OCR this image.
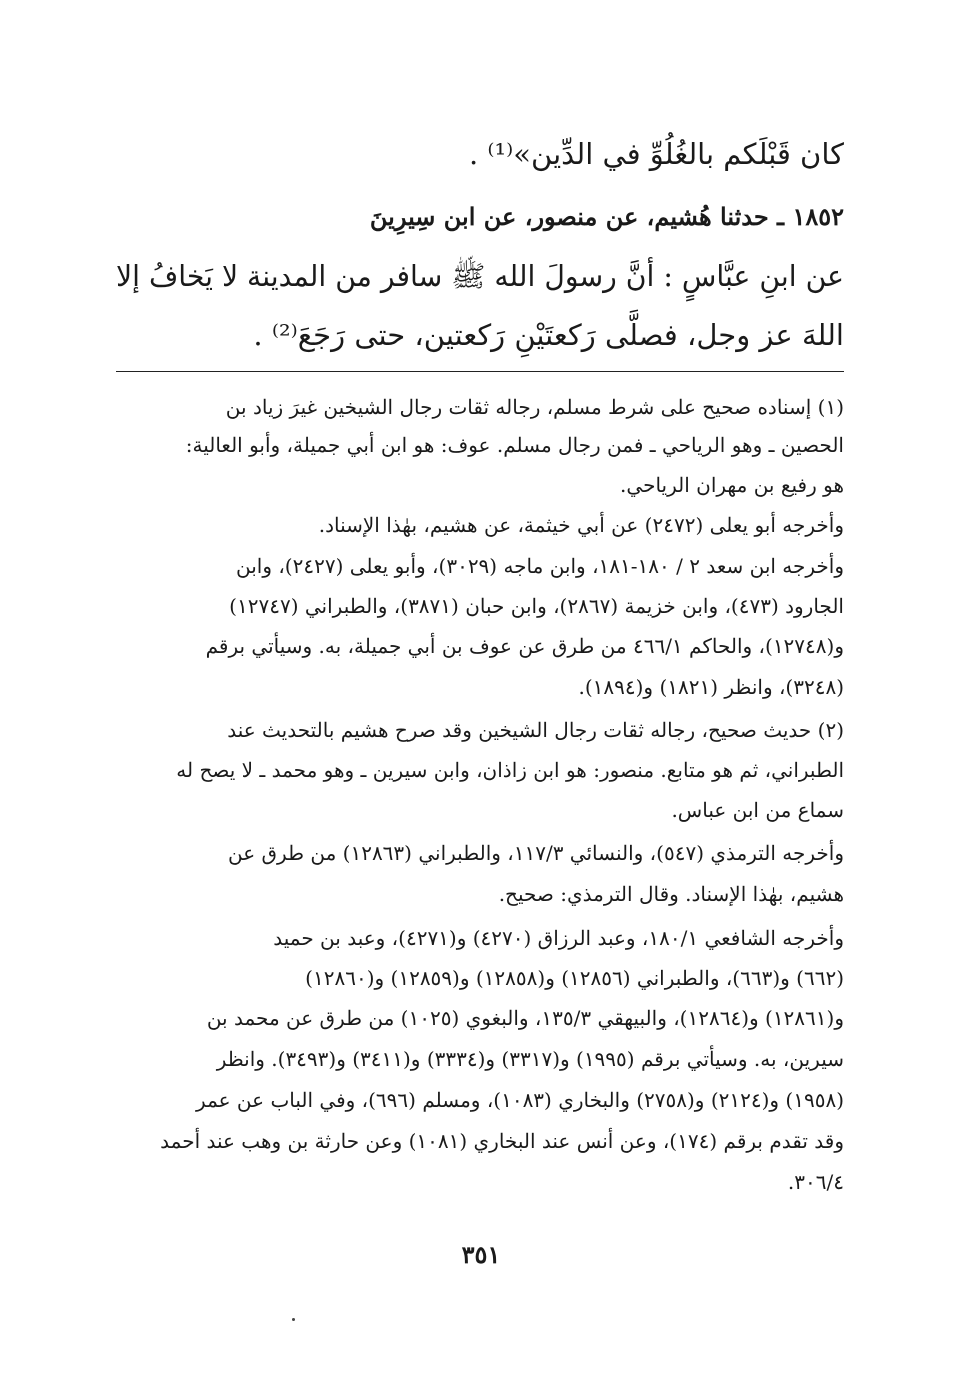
كان قَبْلَكم بالغُلُوِّ في الدِّين»⁽¹⁾ .
١٨٥٢ ـ حدثنا هُشيم، عن منصور، عن ابن سِيرِينَ
عن ابنِ عبَّاسٍ : أنَّ رسولَ الله ﷺ سافر من المدينة لا يَخافُ إلا
اللهَ عز وجل، فصلَّى رَكعتَيْنِ رَكعتين، حتى رَجَعَ⁽²⁾ .
(١) إسناده صحيح على شرط مسلم، رجاله ثقات رجال الشيخين غيرَ زياد بن
الحصين ـ وهو الرياحي ـ فمن رجال مسلم. عوف: هو ابن أبي جميلة، وأبو العالية:
هو رفيع بن مهران الرياحي.
وأخرجه أبو يعلى (٢٤٧٢) عن أبي خيثمة، عن هشيم، بهٰذا الإسناد.
وأخرجه ابن سعد ٢ / ١٨٠-١٨١، وابن ماجه (٣٠٢٩)، وأبو يعلى (٢٤٢٧)، وابن
الجارود (٤٧٣)، وابن خزيمة (٢٨٦٧)، وابن حبان (٣٨٧١)، والطبراني (١٢٧٤٧)
و(١٢٧٤٨)، والحاكم ٤٦٦/١ من طرق عن عوف بن أبي جميلة، به. وسيأتي برقم
(٣٢٤٨)، وانظر (١٨٢١) و(١٨٩٤).
(٢) حديث صحيح، رجاله ثقات رجال الشيخين وقد صرح هشيم بالتحديث عند
الطبراني، ثم هو متابع. منصور: هو ابن زاذان، وابن سيرين ـ وهو محمد ـ لا يصح له
سماع من ابن عباس.
وأخرجه الترمذي (٥٤٧)، والنسائي ١١٧/٣، والطبراني (١٢٨٦٣) من طرق عن
هشيم، بهٰذا الإسناد. وقال الترمذي: صحيح.
وأخرجه الشافعي ١٨٠/١، وعبد الرزاق (٤٢٧٠) و(٤٢٧١)، وعبد بن حميد
(٦٦٢) و(٦٦٣)، والطبراني (١٢٨٥٦) و(١٢٨٥٨) و(١٢٨٥٩) و(١٢٨٦٠)
و(١٢٨٦١) و(١٢٨٦٤)، والبيهقي ١٣٥/٣، والبغوي (١٠٢٥) من طرق عن محمد بن
سيرين، به. وسيأتي برقم (١٩٩٥) و(٣٣١٧) و(٣٣٣٤) و(٣٤١١) و(٣٤٩٣). وانظر
(١٩٥٨) و(٢١٢٤) و(٢٧٥٨) والبخاري (١٠٨٣)، ومسلم (٦٩٦)، وفي الباب عن عمر
وقد تقدم برقم (١٧٤)، وعن أنس عند البخاري (١٠٨١) وعن حارثة بن وهب عند أحمد
٣٠٦/٤.
٣٥١
